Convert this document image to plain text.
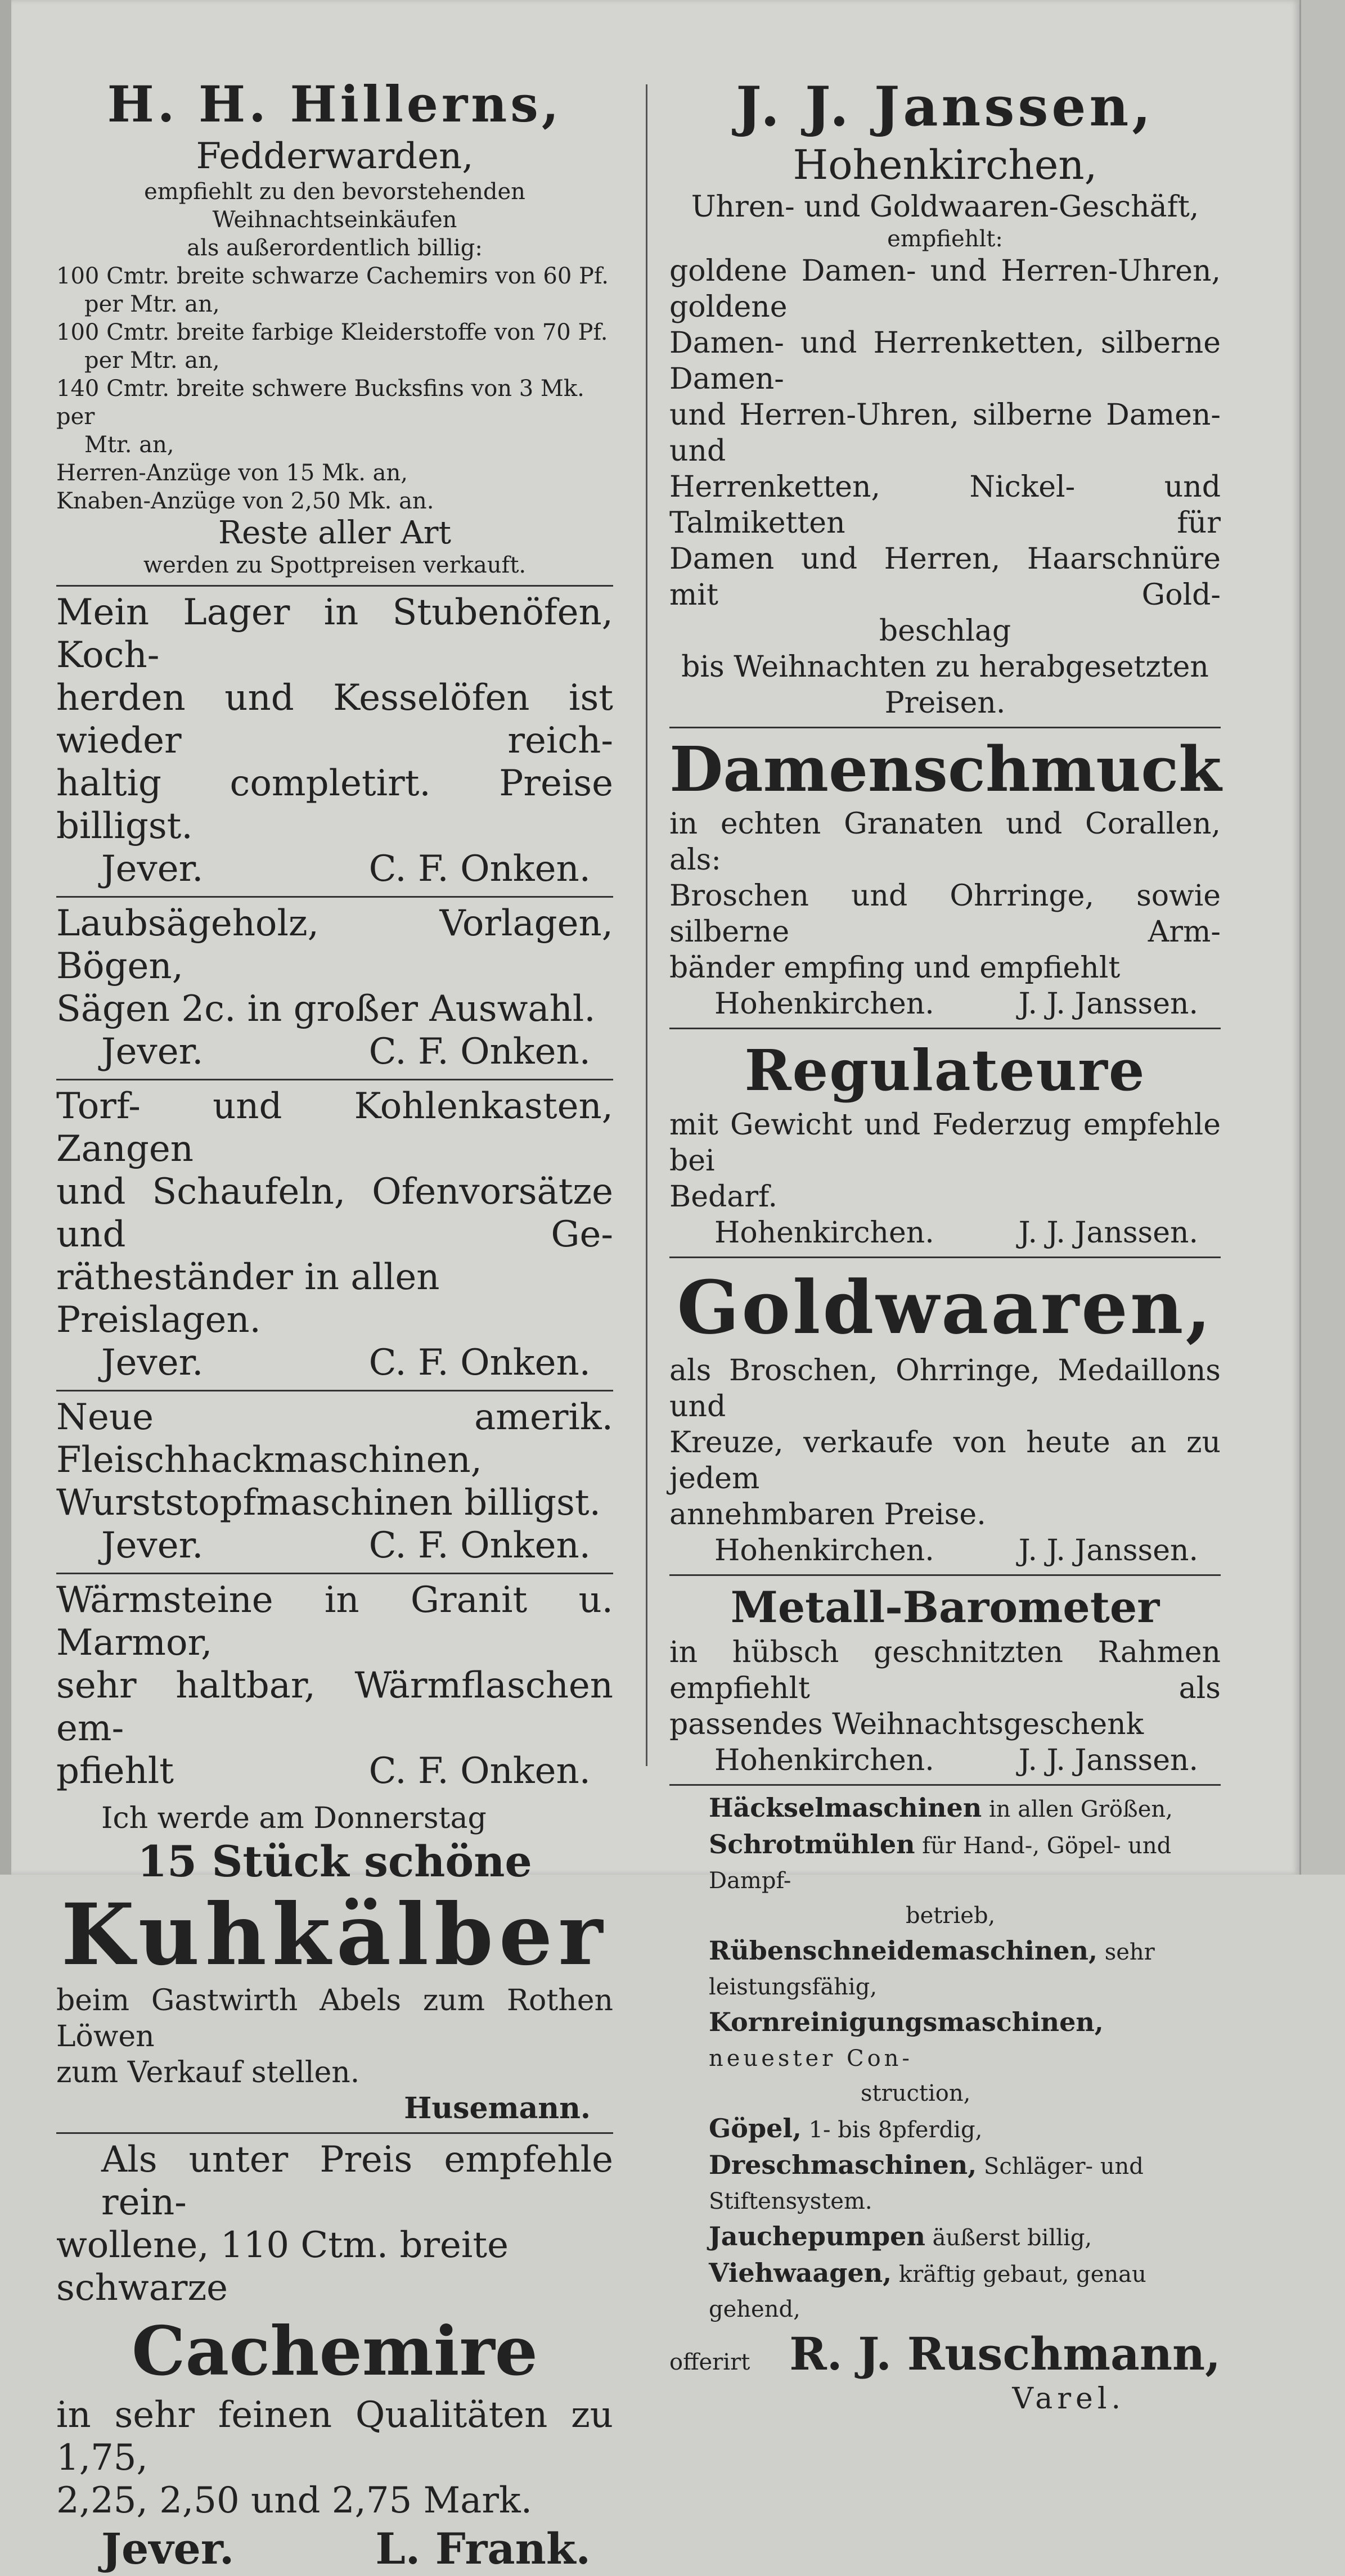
H. H. Hillerns,
Fedderwarden,
empfiehlt zu den bevorstehenden Weihnachtseinkäufen
als außerordentlich billig:
100 Cmtr. breite schwarze Cachemirs von 60 Pf.
per Mtr. an,
100 Cmtr. breite farbige Kleiderstoffe von 70 Pf.
per Mtr. an,
140 Cmtr. breite schwere Bucksfins von 3 Mk. per
Mtr. an,
Herren-Anzüge von 15 Mk. an,
Knaben-Anzüge von 2,50 Mk. an.
Reste aller Art
werden zu Spottpreisen verkauft.
Mein Lager in Stubenöfen, Koch-
herden und Kesselöfen ist wieder reich-
haltig completirt. Preise billigst.
Jever.	C. F. Onken.
Laubsägeholz, Vorlagen, Bögen,
Sägen 2c. in großer Auswahl.
Jever.	C. F. Onken.
Torf- und Kohlenkasten, Zangen
und Schaufeln, Ofenvorsätze und Ge-
rätheständer in allen Preislagen.
Jever.	C. F. Onken.
Neue amerik. Fleischhackmaschinen,
Wurststopfmaschinen billigst.
Jever.	C. F. Onken.
Wärmsteine in Granit u. Marmor,
sehr haltbar, Wärmflaschen em-
pfiehlt	C. F. Onken.
Ich werde am Donnerstag
15 Stück schöne
Kuhkälber
beim Gastwirth Abels zum Rothen Löwen
zum Verkauf stellen.
Husemann.
Als unter Preis empfehle rein-
wollene, 110 Ctm. breite schwarze
Cachemire
in sehr feinen Qualitäten zu 1,75,
2,25, 2,50 und 2,75 Mark.
Jever.	L. Frank.
J. J. Janssen,
Hohenkirchen,
Uhren- und Goldwaaren-Geschäft,
empfiehlt:
goldene Damen- und Herren-Uhren, goldene
Damen- und Herrenketten, silberne Damen-
und Herren-Uhren, silberne Damen- und
Herrenketten, Nickel- und Talmiketten für
Damen und Herren, Haarschnüre mit Gold-
beschlag
bis Weihnachten zu herabgesetzten Preisen.
Damenschmuck
in echten Granaten und Corallen, als:
Broschen und Ohrringe, sowie silberne Arm-
bänder empfing und empfiehlt
Hohenkirchen.	J. J. Janssen.
Regulateure
mit Gewicht und Federzug empfehle bei
Bedarf.
Hohenkirchen.	J. J. Janssen.
Goldwaaren,
als Broschen, Ohrringe, Medaillons und
Kreuze, verkaufe von heute an zu jedem
annehmbaren Preise.
Hohenkirchen.	J. J. Janssen.
Metall-Barometer
in hübsch geschnitzten Rahmen empfiehlt als
passendes Weihnachtsgeschenk
Hohenkirchen.	J. J. Janssen.
Häckselmaschinen in allen Größen,
Schrotmühlen für Hand-, Göpel- und Dampf-
betrieb,
Rübenschneidemaschinen, sehr leistungsfähig,
Kornreinigungsmaschinen, neuester Con-
struction,
Göpel, 1- bis 8pferdig,
Dreschmaschinen, Schläger- und Stiftensystem.
Jauchepumpen äußerst billig,
Viehwaagen, kräftig gebaut, genau gehend,
offerirt R. J. Ruschmann,
Varel.
